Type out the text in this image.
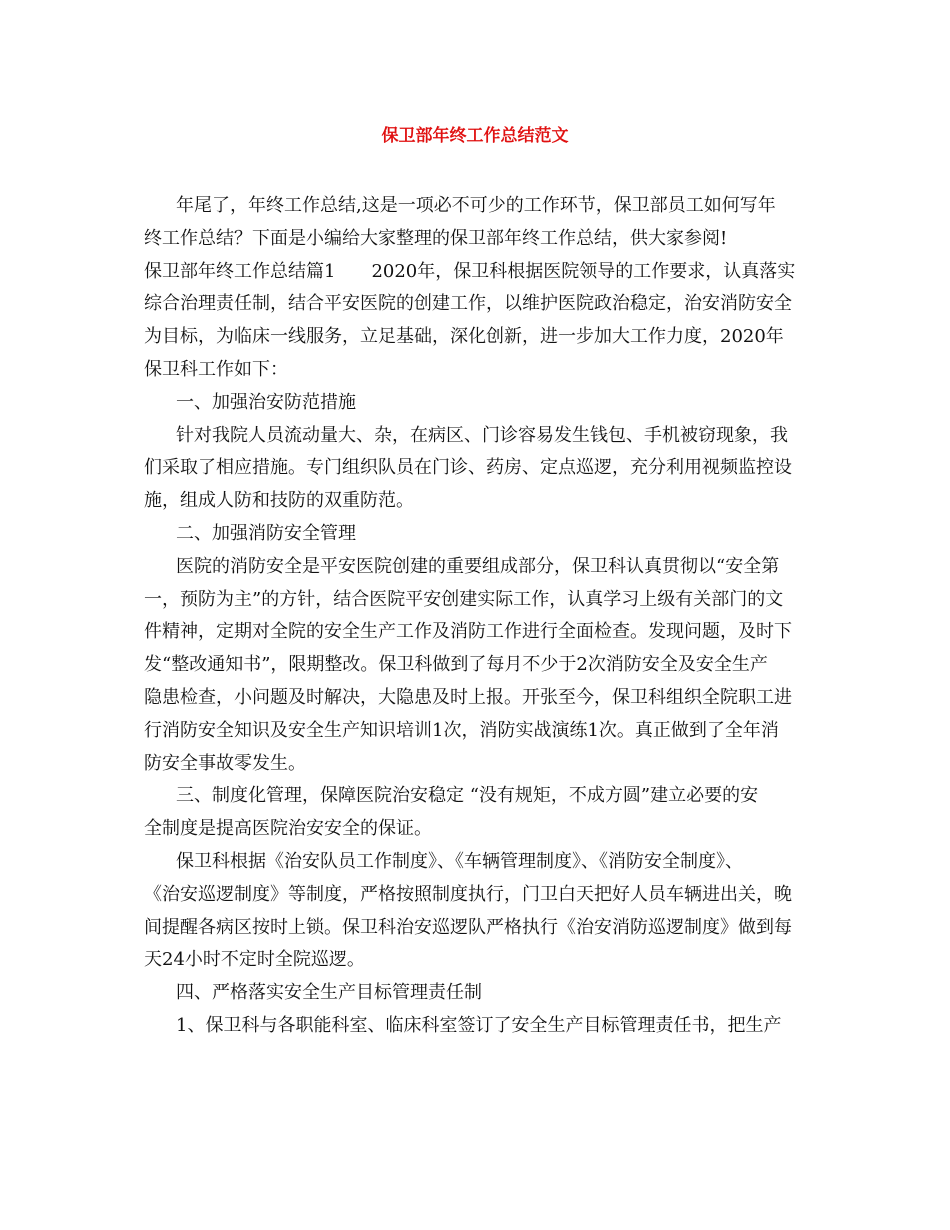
保卫部年终工作总结范文
年尾了，年终工作总结,这是一项必不可少的工作环节，保卫部员工如何写年
终工作总结？下面是小编给大家整理的保卫部年终工作总结，供大家参阅!
保卫部年终工作总结篇1 2020年，保卫科根据医院领导的工作要求，认真落实
综合治理责任制，结合平安医院的创建工作，以维护医院政治稳定，治安消防安全
为目标，为临床一线服务，立足基础，深化创新，进一步加大工作力度，2020年
保卫科工作如下：
一、加强治安防范措施
针对我院人员流动量大、杂，在病区、门诊容易发生钱包、手机被窃现象，我
们采取了相应措施。专门组织队员在门诊、药房、定点巡逻，充分利用视频监控设
施，组成人防和技防的双重防范。
二、加强消防安全管理
医院的消防安全是平安医院创建的重要组成部分，保卫科认真贯彻以“安全第
一，预防为主”的方针，结合医院平安创建实际工作，认真学习上级有关部门的文
件精神，定期对全院的安全生产工作及消防工作进行全面检查。发现问题，及时下
发“整改通知书”，限期整改。保卫科做到了每月不少于2次消防安全及安全生产
隐患检查，小问题及时解决，大隐患及时上报。开张至今，保卫科组织全院职工进
行消防安全知识及安全生产知识培训1次，消防实战演练1次。真正做到了全年消
防安全事故零发生。
三、制度化管理，保障医院治安稳定 “没有规矩，不成方圆”建立必要的安
全制度是提高医院治安安全的保证。
保卫科根据《治安队员工作制度》、《车辆管理制度》、《消防安全制度》、
《治安巡逻制度》等制度，严格按照制度执行，门卫白天把好人员车辆进出关，晚
间提醒各病区按时上锁。保卫科治安巡逻队严格执行《治安消防巡逻制度》做到每
天24小时不定时全院巡逻。
四、严格落实安全生产目标管理责任制
1、保卫科与各职能科室、临床科室签订了安全生产目标管理责任书，把生产
